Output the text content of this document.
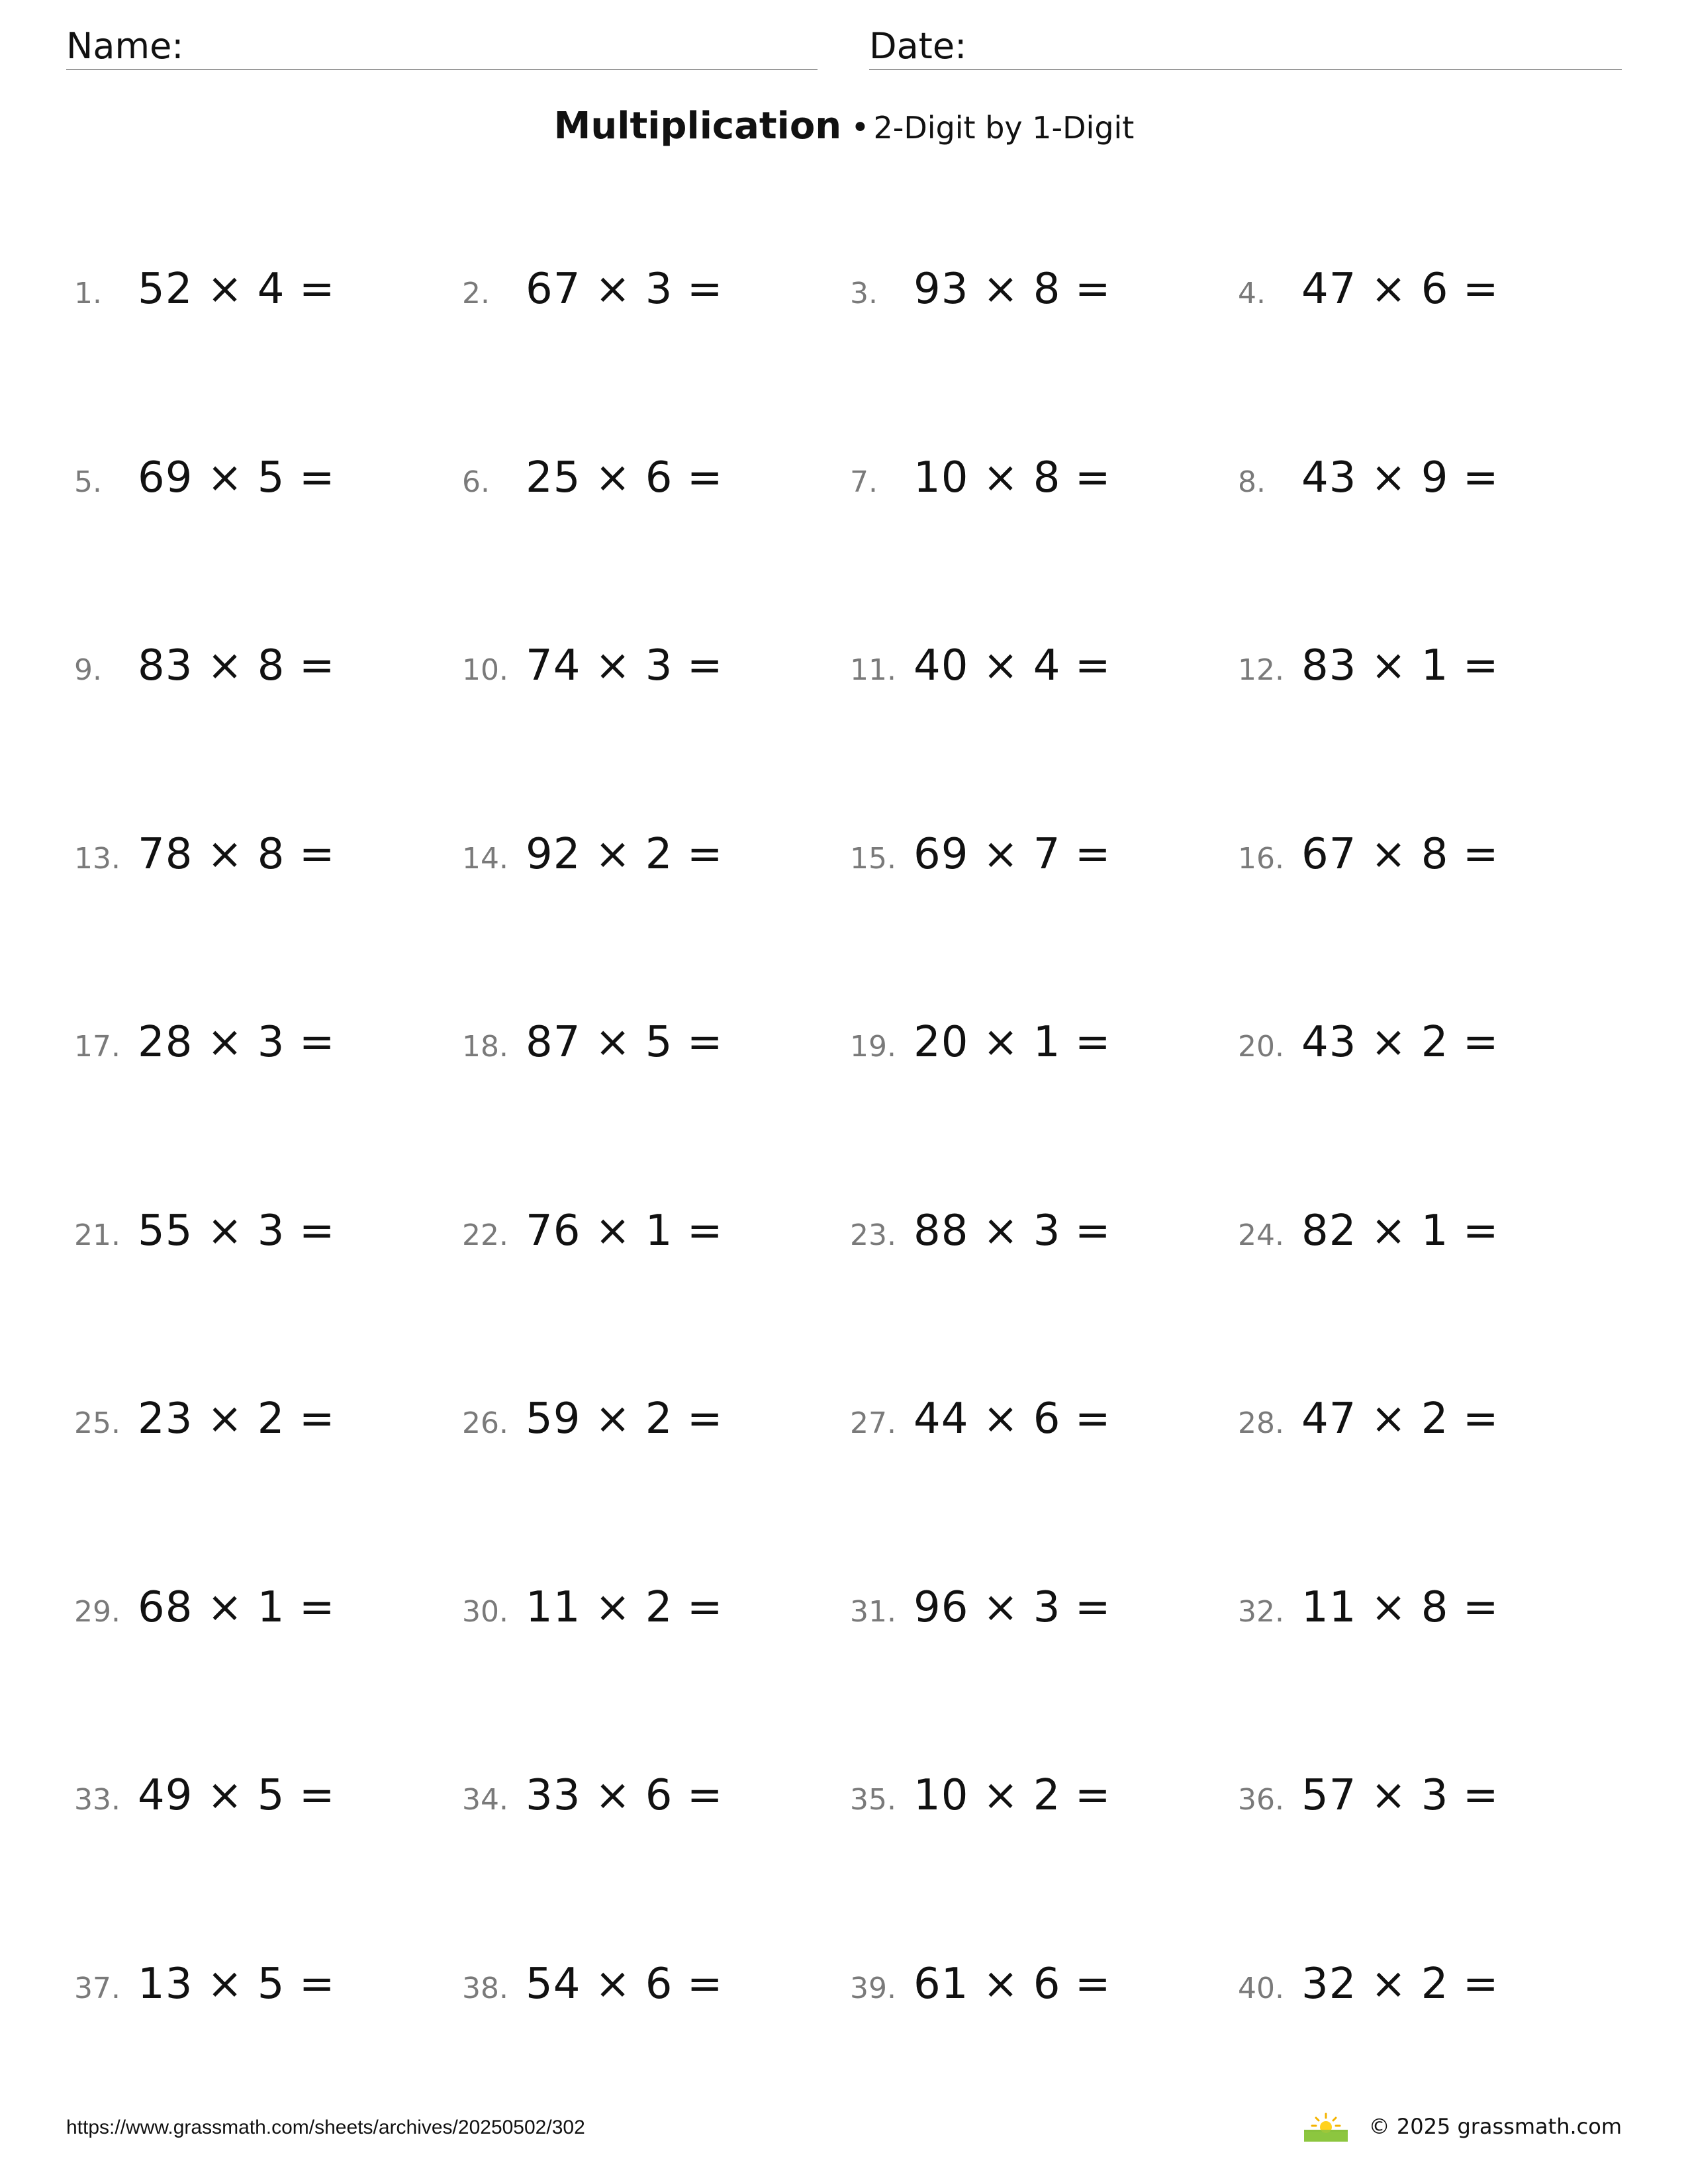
Name:	Date:
Multiplication • 2-Digit by 1-Digit
1. 52 × 4 =	2. 67 × 3 =	3. 93 × 8 =	4. 47 × 6 =
5. 69 × 5 =	6. 25 × 6 =	7. 10 × 8 =	8. 43 × 9 =
9. 83 × 8 =	10. 74 × 3 =	11. 40 × 4 =	12. 83 × 1 =
13. 78 × 8 =	14. 92 × 2 =	15. 69 × 7 =	16. 67 × 8 =
17. 28 × 3 =	18. 87 × 5 =	19. 20 × 1 =	20. 43 × 2 =
21. 55 × 3 =	22. 76 × 1 =	23. 88 × 3 =	24. 82 × 1 =
25. 23 × 2 =	26. 59 × 2 =	27. 44 × 6 =	28. 47 × 2 =
29. 68 × 1 =	30. 11 × 2 =	31. 96 × 3 =	32. 11 × 8 =
33. 49 × 5 =	34. 33 × 6 =	35. 10 × 2 =	36. 57 × 3 =
37. 13 × 5 =	38. 54 × 6 =	39. 61 × 6 =	40. 32 × 2 =
https://www.grassmath.com/sheets/archives/20250502/302	© 2025 grassmath.com
